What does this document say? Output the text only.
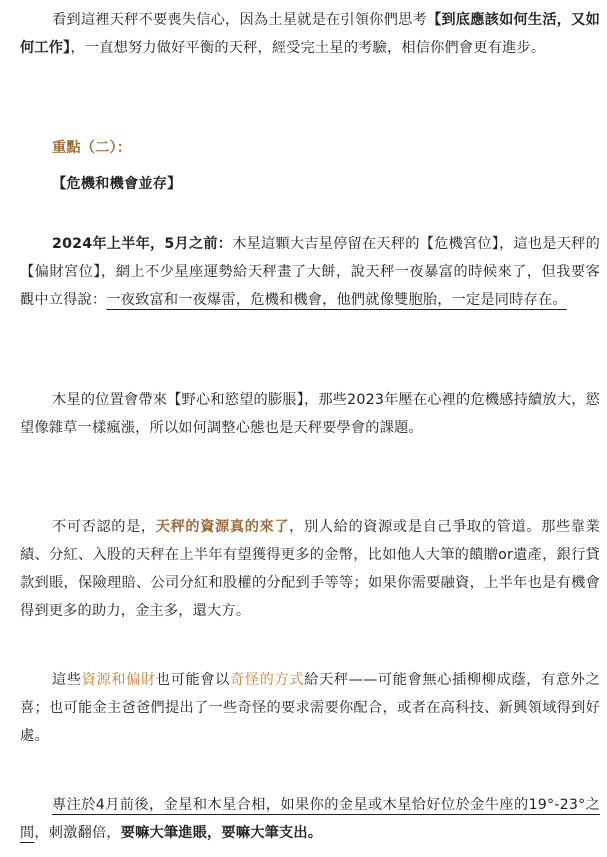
看到這裡天秤不要喪失信心，因為土星就是在引領你們思考【到底應該如何生活，又如何工作】，一直想努力做好平衡的天秤，經受完土星的考驗，相信你們會更有進步。

重點（二）：

【危機和機會並存】

2024年上半年，5月之前：木星這顆大吉星停留在天秤的【危機宮位】，這也是天秤的【偏財宮位】，網上不少星座運勢給天秤畫了大餅，說天秤一夜暴富的時候來了，但我要客觀中立得說：一夜致富和一夜爆雷，危機和機會，他們就像雙胞胎，一定是同時存在。

木星的位置會帶來【野心和慾望的膨脹】，那些2023年壓在心裡的危機感持續放大，慾望像雜草一樣瘋漲，所以如何調整心態也是天秤要學會的課題。

不可否認的是，天秤的資源真的來了，別人給的資源或是自己爭取的管道。那些靠業績、分紅、入股的天秤在上半年有望獲得更多的金幣，比如他人大筆的饋贈or遺產，銀行貸款到賬，保險理賠、公司分紅和股權的分配到手等等；如果你需要融資，上半年也是有機會得到更多的助力，金主多，還大方。

這些資源和偏財也可能會以奇怪的方式給天秤——可能會無心插柳柳成蔭，有意外之喜；也可能金主爸爸們提出了一些奇怪的要求需要你配合，或者在高科技、新興領域得到好處。

專注於4月前後，金星和木星合相，如果你的金星或木星恰好位於金牛座的19°-23°之間，刺激翻倍，要嘛大筆進賬，要嘛大筆支出。
